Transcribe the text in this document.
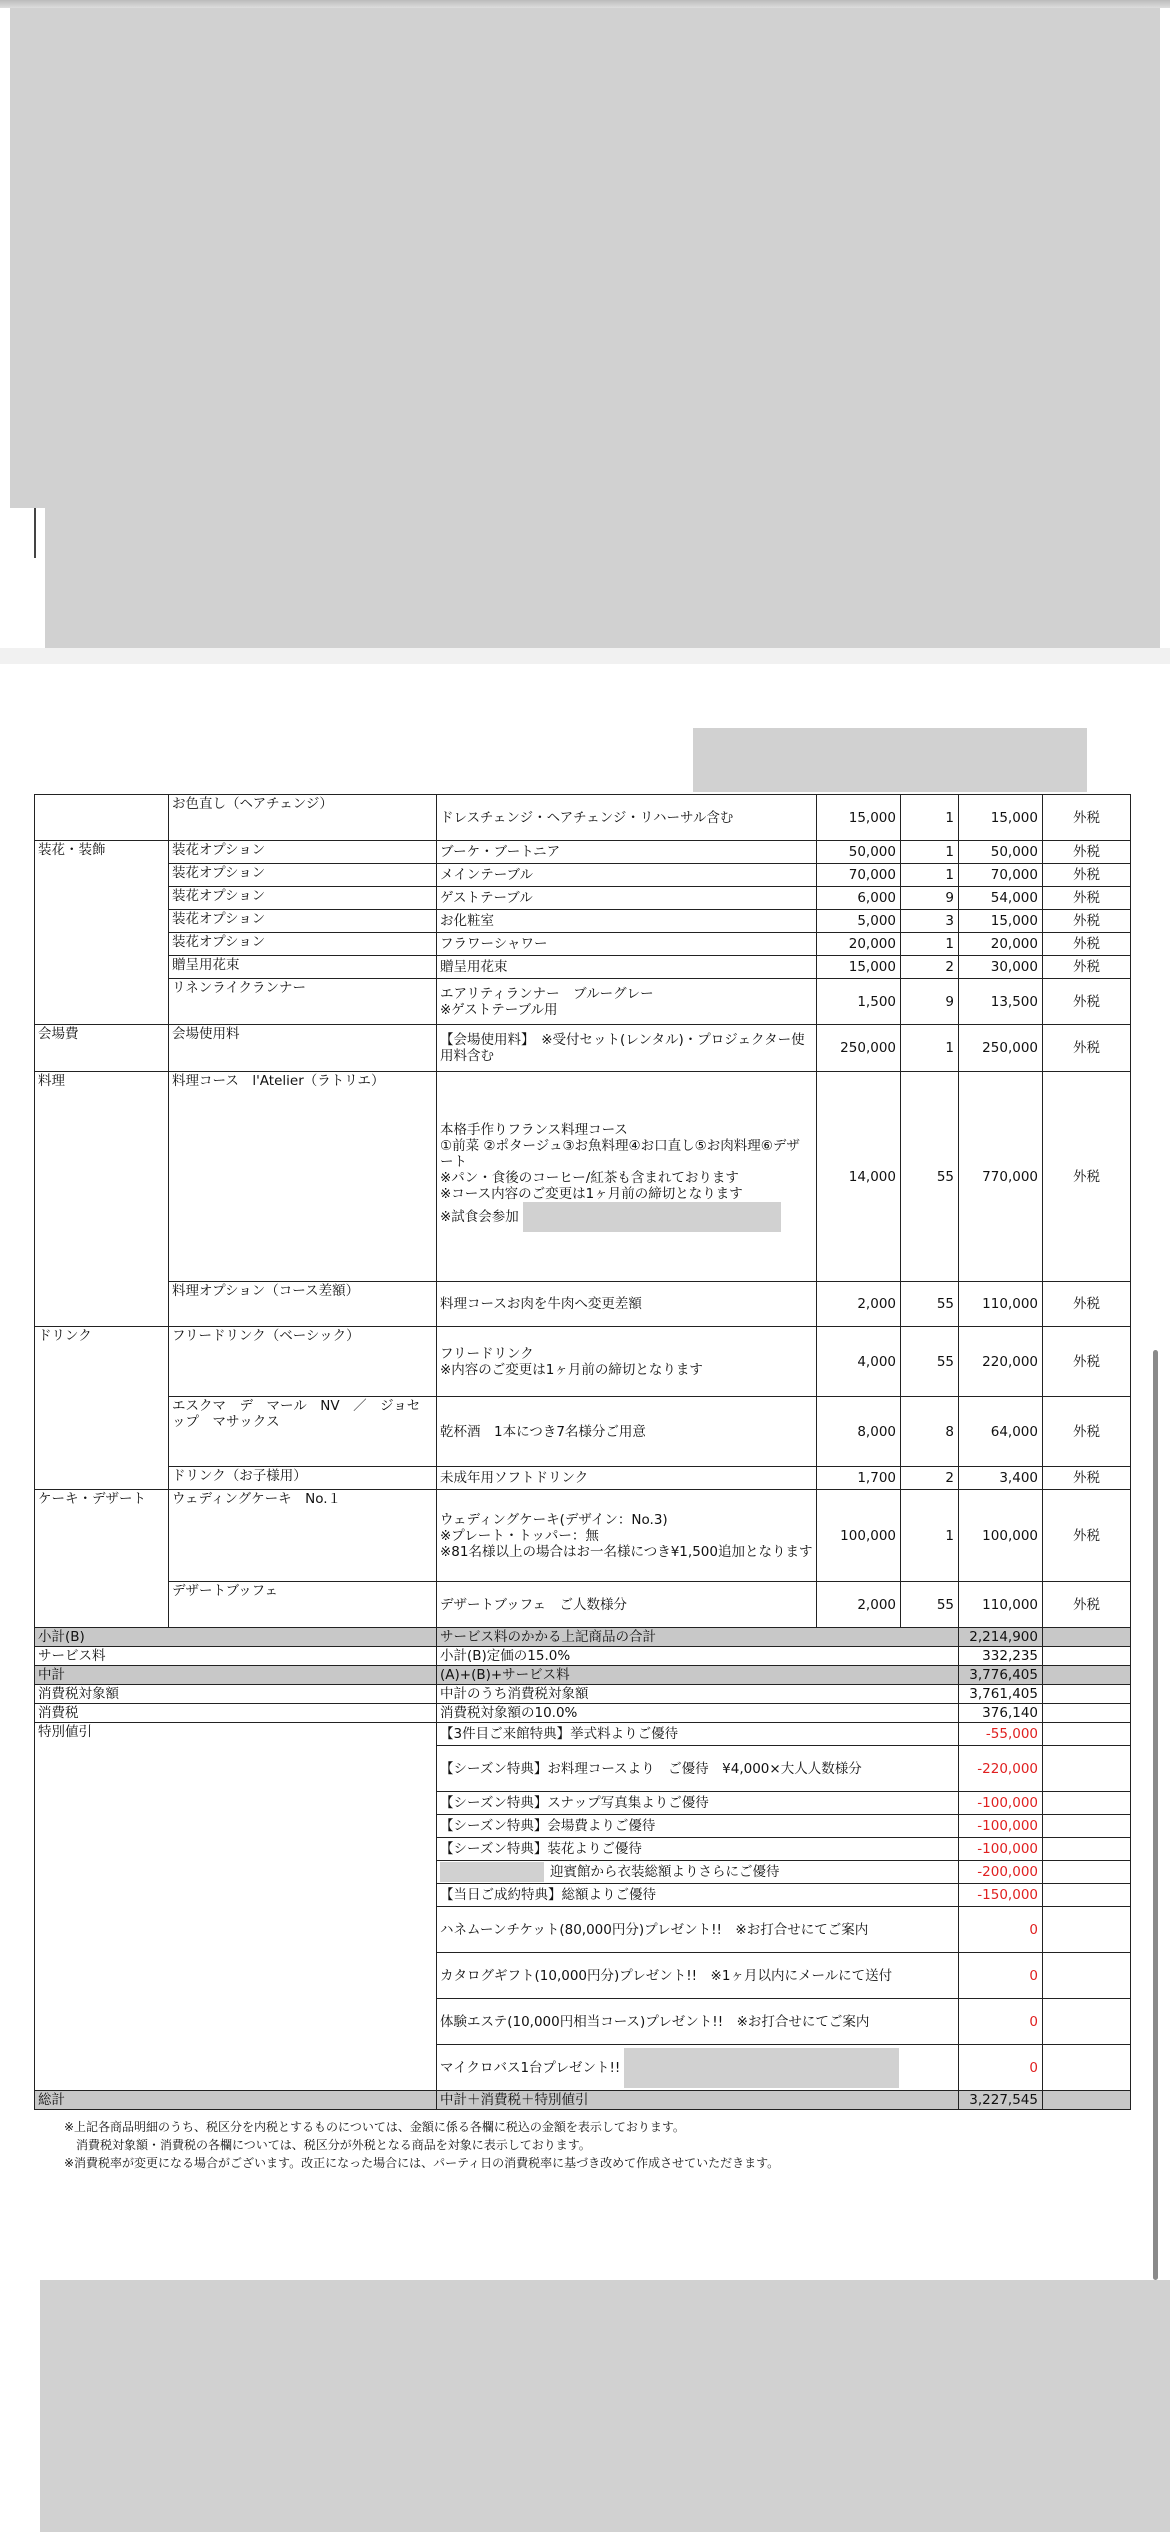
	お色直し（ヘアチェンジ）	ドレスチェンジ・ヘアチェンジ・リハーサル含む	15,000	1	15,000	外税
装花・装飾	装花オプション	ブーケ・ブートニア	50,000	1	50,000	外税
	装花オプション	メインテーブル	70,000	1	70,000	外税
	装花オプション	ゲストテーブル	6,000	9	54,000	外税
	装花オプション	お化粧室	5,000	3	15,000	外税
	装花オプション	フラワーシャワー	20,000	1	20,000	外税
	贈呈用花束	贈呈用花束	15,000	2	30,000	外税
	リネンライクランナー	エアリティランナー　ブルーグレー
※ゲストテーブル用	1,500	9	13,500	外税
会場費	会場使用料	【会場使用料】　※受付セット(レンタル)・プロジェクター使用料含む	250,000	1	250,000	外税
料理	料理コース　l'Atelier（ラトリエ）	本格手作りフランス料理コース
①前菜 ②ポタージュ③お魚料理④お口直し⑤お肉料理⑥デザート
※パン・食後のコーヒー/紅茶も含まれております
※コース内容のご変更は1ヶ月前の締切となります
※試食会参加	14,000	55	770,000	外税
	料理オプション（コース差額）	料理コースお肉を牛肉へ変更差額	2,000	55	110,000	外税
ドリンク	フリードリンク（ベーシック）	フリードリンク
※内容のご変更は1ヶ月前の締切となります	4,000	55	220,000	外税
	エスクマ　デ　マール　NV　／　ジョセップ　マサックス	乾杯酒　1本につき7名様分ご用意	8,000	8	64,000	外税
	ドリンク（お子様用）	未成年用ソフトドリンク	1,700	2	3,400	外税
ケーキ・デザート	ウェディングケーキ　No.１	ウェディングケーキ(デザイン：No.3)
※プレート・トッパー：無
※81名様以上の場合はお一名様につき¥1,500追加となります	100,000	1	100,000	外税
	デザートブッフェ	デザートブッフェ　ご人数様分	2,000	55	110,000	外税
小計(B)		サービス料のかかる上記商品の合計			2,214,900	
サービス料		小計(B)定価の15.0%			332,235	
中計		(A)+(B)+サービス料			3,776,405	
消費税対象額		中計のうち消費税対象額			3,761,405	
消費税		消費税対象額の10.0%			376,140	
特別値引		【3件目ご来館特典】挙式料よりご優待			-55,000	
		【シーズン特典】お料理コースより　ご優待　¥4,000×大人人数様分			-220,000	
		【シーズン特典】スナップ写真集よりご優待			-100,000	
		【シーズン特典】会場費よりご優待			-100,000	
		【シーズン特典】装花よりご優待			-100,000	
		迎賓館から衣装総額よりさらにご優待			-200,000	
		【当日ご成約特典】総額よりご優待			-150,000	
		ハネムーンチケット(80,000円分)プレゼント!!　※お打合せにてご案内			0	
		カタログギフト(10,000円分)プレゼント!!　※1ヶ月以内にメールにて送付			0	
		体験エステ(10,000円相当コース)プレゼント!!　※お打合せにてご案内			0	
		マイクロバス1台プレゼント!!			0	
総計		中計＋消費税＋特別値引			3,227,545	
※上記各商品明細のうち、税区分を内税とするものについては、金額に係る各欄に税込の金額を表示しております。
　消費税対象額・消費税の各欄については、税区分が外税となる商品を対象に表示しております。
※消費税率が変更になる場合がございます。改正になった場合には、パーティ日の消費税率に基づき改めて作成させていただきます。
